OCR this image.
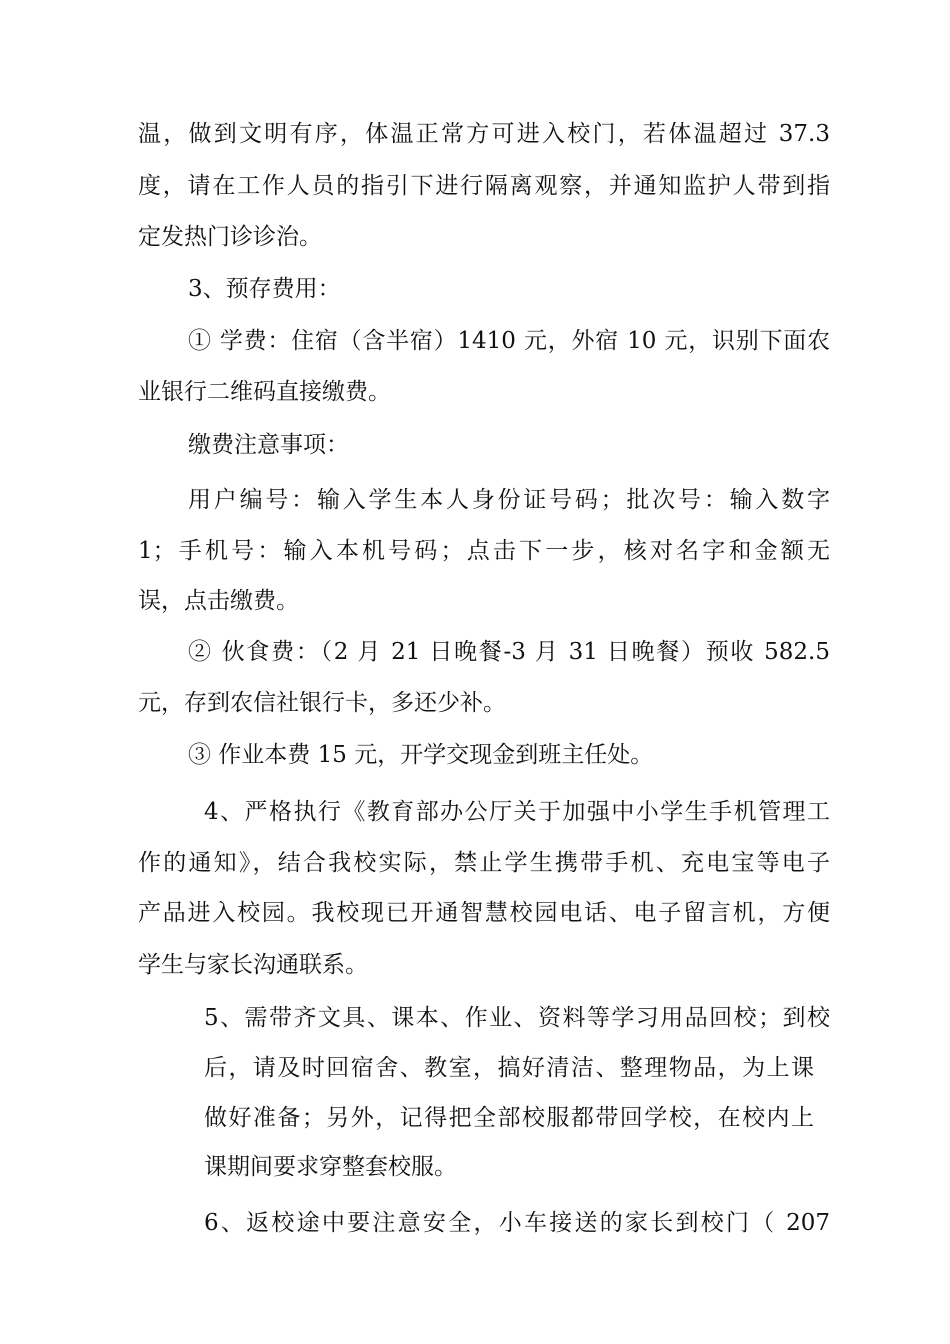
温，做到文明有序，体温正常方可进入校门，若体温超过 37.3
度，请在工作人员的指引下进行隔离观察，并通知监护人带到指
定发热门诊诊治。
3、预存费用：
① 学费：住宿（含半宿）1410 元，外宿 10 元，识别下面农
业银行二维码直接缴费。
缴费注意事项：
用户编号：输入学生本人身份证号码；批次号：输入数字
1；手机号：输入本机号码；点击下一步，核对名字和金额无
误，点击缴费。
② 伙食费：（2 月 21 日晚餐-3 月 31 日晚餐）预收 582.5
元，存到农信社银行卡，多还少补。
③ 作业本费 15 元，开学交现金到班主任处。
4、严格执行《教育部办公厅关于加强中小学生手机管理工
作的通知》，结合我校实际，禁止学生携带手机、充电宝等电子
产品进入校园。我校现已开通智慧校园电话、电子留言机，方便
学生与家长沟通联系。
5、需带齐文具、课本、作业、资料等学习用品回校；到校
后，请及时回宿舍、教室，搞好清洁、整理物品，为上课
做好准备；另外，记得把全部校服都带回学校，在校内上
课期间要求穿整套校服。
6、返校途中要注意安全，小车接送的家长到校门（ 207
